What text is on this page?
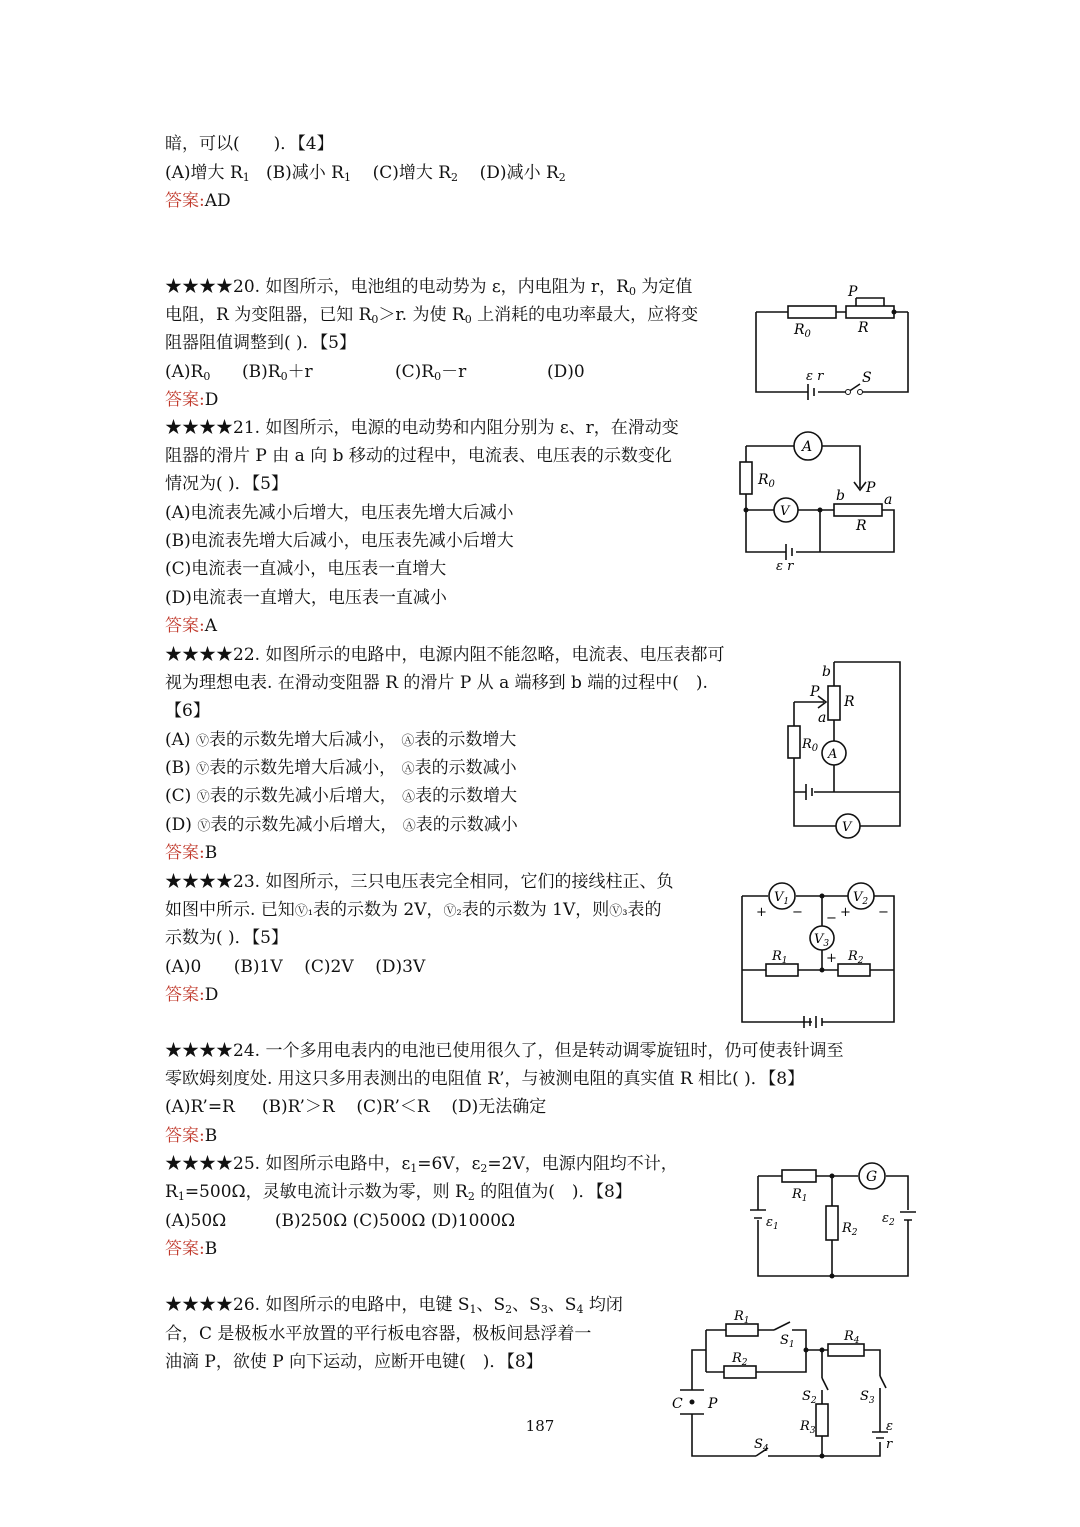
暗，可以(　　)．【4】
(A)增大 $R_1$ (B)减小 $R_1$ (C)增大 $R_2$ (D)减小 $R_2$
答案:AD
★★★★20. 如图所示，电池组的电动势为 ε，内电阻为 r，$R_0$ 为定值
电阻，R 为变阻器，已知 $R_0>r$. 为使 $R_0$ 上消耗的电功率最大，应将变
阻器阻值调整到( )．【5】
$(A)R_0$ $(B)R_0+r$	$(C)R_0-r$	(D)0
答案:D
$R_0$	R
P
ε r	S
★★★★21. 如图所示，电源的电动势和内阻分别为 ε、r，在滑动变
阻器的滑片 P 由 a 向 b 移动的过程中，电流表、电压表的示数变化
情况为( )．【5】
(A)电流表先减小后增大，电压表先增大后减小
(B)电流表先增大后减小，电压表先减小后增大
(C)电流表一直减小，电压表一直增大
(D)电流表一直增大，电压表一直减小
答案:A
A
V
$R_0$
b P
a
R
ε r
★★★★22. 如图所示的电路中，电源内阻不能忽略，电流表、电压表都可
视为理想电表. 在滑动变阻器 R 的滑片 P 从 a 端移到 b 端的过程中(　).
【6】
(A) Ⓥ表的示数先增大后减小， Ⓐ表的示数增大
(B) Ⓥ表的示数先增大后减小， Ⓐ表的示数减小
(C) Ⓥ表的示数先减小后增大， Ⓐ表的示数增大
(D) Ⓥ表的示数先减小后增大， Ⓐ表的示数减小
答案:B
b
P
R
a
$R_0$ A
V
★★★★23. 如图所示，三只电压表完全相同，它们的接线柱正、负
如图中所示. 已知Ⓥ₁表的示数为 2V，Ⓥ₂表的示数为 1V，则Ⓥ₃表的
示数为( )．【5】
(A)0 (B)1V (C)2V (D)3V
答案:D
$V_1$	$V_2$
$V_3$
+ −	+ −
−
+
$R_1$	$R_2$
★★★★24. 一个多用电表内的电池已使用很久了，但是转动调零旋钮时，仍可使表针调至
零欧姆刻度处. 用这只多用表测出的电阻值 R’，与被测电阻的真实值 R 相比( )．【8】
(A)R’=R (B)R’＞R (C)R’＜R (D)无法确定
答案:B
★★★★25. 如图所示电路中，$\varepsilon_1=6V$，$\varepsilon_2=2V$，电源内阻均不计，
$R_1=500\Omega$，灵敏电流计示数为零，则 $R_2$ 的阻值为(　)．【8】
(A)50Ω	(B)250Ω (C)500Ω (D)1000Ω
答案:B
G
$R_1$
$R_2$
$\varepsilon_1$
$\varepsilon_2$
★★★★26. 如图所示的电路中，电键 $S_1$、$S_2$、$S_3$、$S_4$ 均闭
合，C 是极板水平放置的平行板电容器，极板间悬浮着一
油滴 P，欲使 P 向下运动，应断开电键(　)．【8】
$R_1$
$S_1$
$R_2$
$R_4$
$S_2$	$S_3$
$R_3$
$S_4$
C P
ε
r
187
